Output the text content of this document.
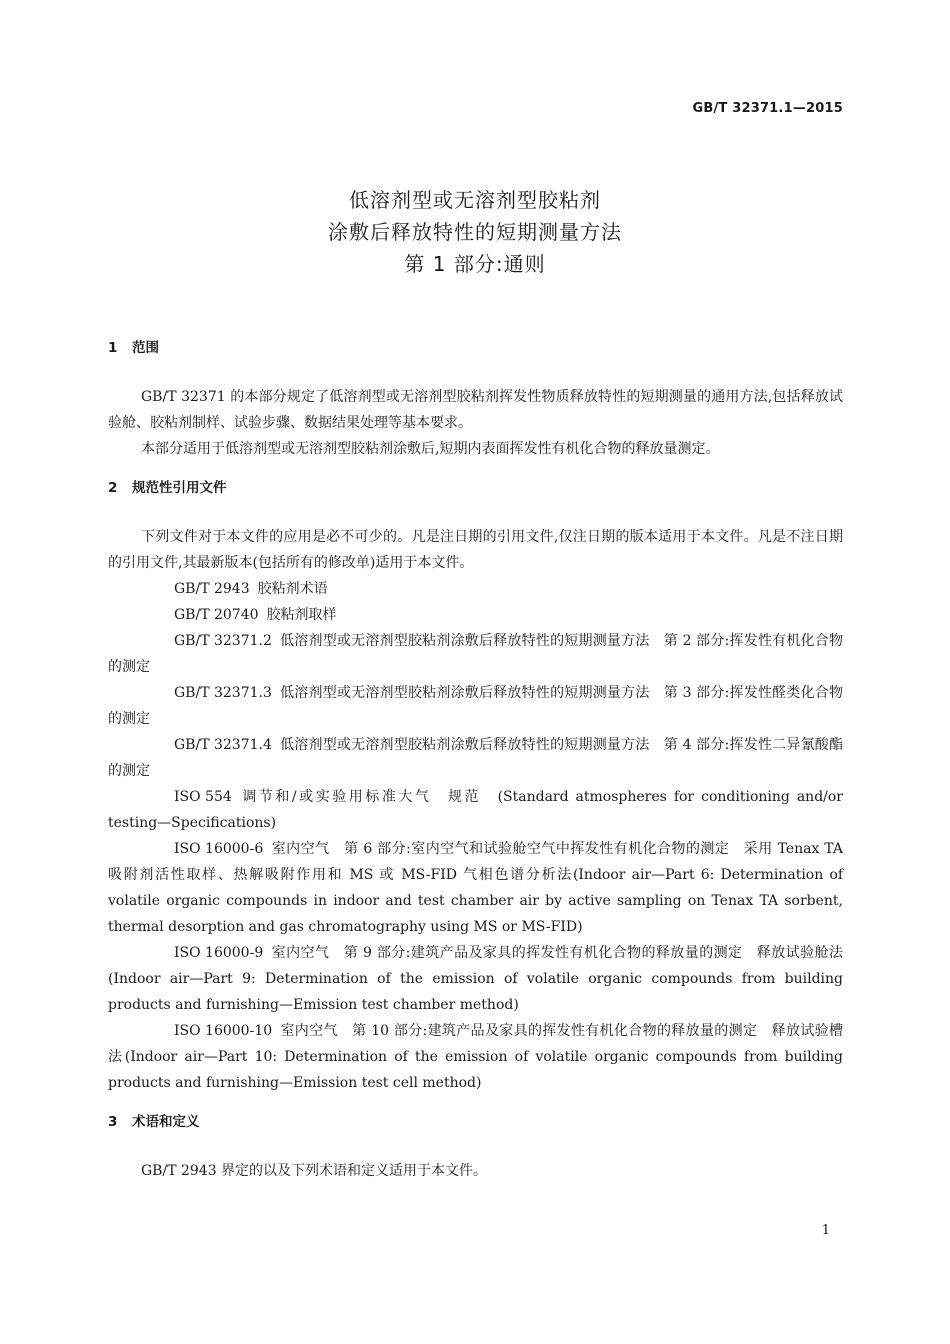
GB/T 32371.1—2015
低溶剂型或无溶剂型胶粘剂
涂敷后释放特性的短期测量方法
第 1 部分:通则
1 范围

GB/T 32371 的本部分规定了低溶剂型或无溶剂型胶粘剂挥发性物质释放特性的短期测量的通用方法,包括释放试验舱、胶粘剂制样、试验步骤、数据结果处理等基本要求。

本部分适用于低溶剂型或无溶剂型胶粘剂涂敷后,短期内表面挥发性有机化合物的释放量测定。

2 规范性引用文件

下列文件对于本文件的应用是必不可少的。凡是注日期的引用文件,仅注日期的版本适用于本文件。凡是不注日期的引用文件,其最新版本(包括所有的修改单)适用于本文件。

GB/T 2943 胶粘剂术语

GB/T 20740 胶粘剂取样

GB/T 32371.2 低溶剂型或无溶剂型胶粘剂涂敷后释放特性的短期测量方法　第 2 部分:挥发性有机化合物的测定

GB/T 32371.3 低溶剂型或无溶剂型胶粘剂涂敷后释放特性的短期测量方法　第 3 部分:挥发性醛类化合物的测定

GB/T 32371.4 低溶剂型或无溶剂型胶粘剂涂敷后释放特性的短期测量方法　第 4 部分:挥发性二异氰酸酯的测定

ISO 554 调节和/或实验用标准大气　规范　(Standard atmospheres for conditioning and/or testing—Specifications)

ISO 16000-6 室内空气　第 6 部分:室内空气和试验舱空气中挥发性有机化合物的测定　采用 Tenax TA 吸附剂活性取样、热解吸附作用和 MS 或 MS-FID 气相色谱分析法(Indoor air—Part 6: Determination of volatile organic compounds in indoor and test chamber air by active sampling on Tenax TA sorbent, thermal desorption and gas chromatography using MS or MS-FID)

ISO 16000-9 室内空气　第 9 部分:建筑产品及家具的挥发性有机化合物的释放量的测定　释放试验舱法(Indoor air—Part 9: Determination of the emission of volatile organic compounds from building products and furnishing—Emission test chamber method)

ISO 16000-10 室内空气　第 10 部分:建筑产品及家具的挥发性有机化合物的释放量的测定　释放试验槽法(Indoor air—Part 10: Determination of the emission of volatile organic compounds from building products and furnishing—Emission test cell method)

3 术语和定义

GB/T 2943 界定的以及下列术语和定义适用于本文件。

1
